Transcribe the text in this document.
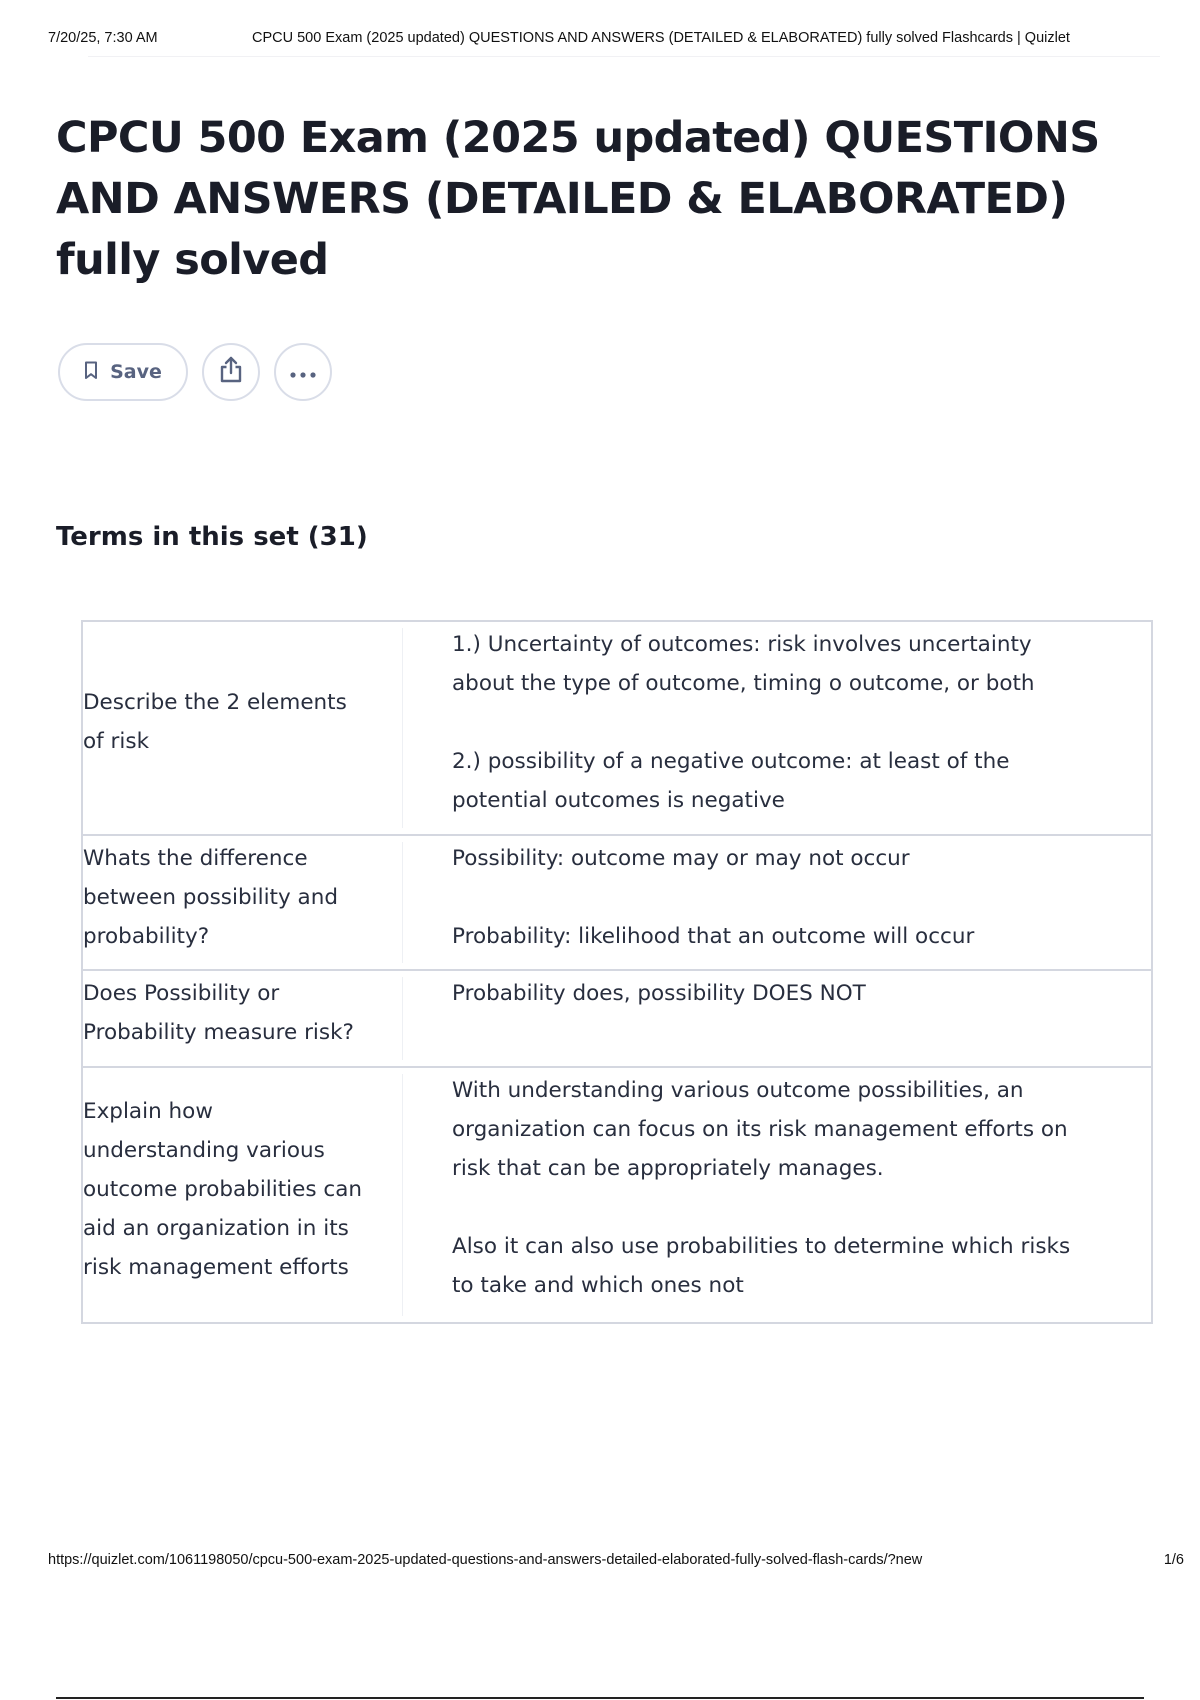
7/20/25, 7:30 AM	CPCU 500 Exam (2025 updated) QUESTIONS AND ANSWERS (DETAILED & ELABORATED) fully solved Flashcards | Quizlet
CPCU 500 Exam (2025 updated) QUESTIONS AND ANSWERS (DETAILED & ELABORATED) fully solved
Save
Terms in this set (31)
Describe the 2 elements of risk
1.) Uncertainty of outcomes: risk involves uncertainty about the type of outcome, timing o outcome, or both

2.) possibility of a negative outcome: at least of the potential outcomes is negative
Whats the difference between possibility and probability?
Possibility: outcome may or may not occur

Probability: likelihood that an outcome will occur
Does Possibility or Probability measure risk?
Probability does, possibility DOES NOT
Explain how understanding various outcome probabilities can aid an organization in its risk management efforts
With understanding various outcome possibilities, an organization can focus on its risk management efforts on risk that can be appropriately manages.

Also it can also use probabilities to determine which risks to take and which ones not
https://quizlet.com/1061198050/cpcu-500-exam-2025-updated-questions-and-answers-detailed-elaborated-fully-solved-flash-cards/?new	1/6
